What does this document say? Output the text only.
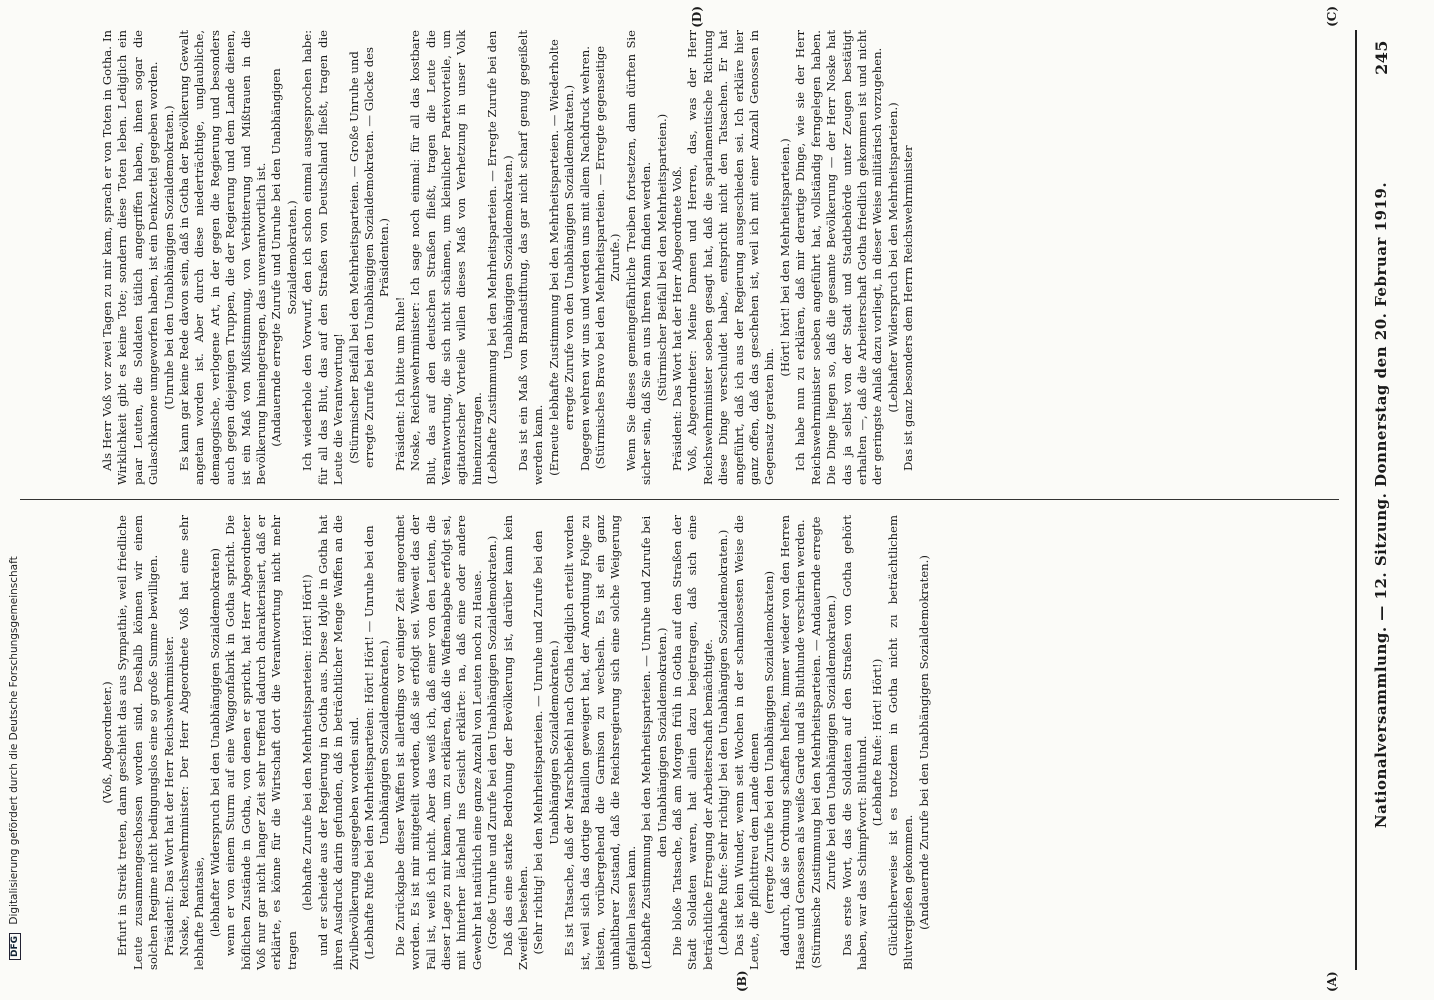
Nationalversammlung. — 12. Sitzung. Donnerstag den 20. Februar 1919.
245
(A)
(B)
(C)
(D)

(Voß, Abgeordneter.) Erfurt in Streik treten, dann geschieht das aus Sympathie, weil friedliche Leute zusammengeschossen worden sind. Deshalb können wir einem solchen Regime nicht bedingungslos eine so große Summe bewilligen. Präsident: Das Wort hat der Herr Reichswehrminister. Noske, Reichswehrminister: Der Herr Abgeordnete Voß hat eine sehr lebhafte Phantasie, (lebhafter Widerspruch bei den Unabhängigen Sozialdemokraten) wenn er von einem Sturm auf eine Waggonfabrik in Gotha spricht. Die höflichen Zustände in Gotha, von denen er spricht, hat Herr Abgeordneter Voß nur gar nicht langer Zeit sehr treffend dadurch charakterisiert, daß er erklärte, es könne für die Wirtschaft dort die Verantwortung nicht mehr tragen

(lebhafte Zurufe bei den Mehrheitsparteien: Hört! Hört!) und er scheide aus der Regierung in Gotha aus. Diese Idylle in Gotha hat ihren Ausdruck darin gefunden, daß in beträchtlicher Menge Waffen an die Zivilbevölkerung ausgegeben worden sind. (Lebhafte Rufe bei den Mehrheitsparteien: Hört! Hört! — Unruhe bei den Unabhängigen Sozialdemokraten.) Die Zurückgabe dieser Waffen ist allerdings vor einiger Zeit angeordnet worden. Es ist mir mitgeteilt worden, daß sie erfolgt sei. Wieweit das der Fall ist, weiß ich nicht. Aber das weiß ich, daß einer von den Leuten, die dieser Lage zu mir kamen, um zu erklären, daß die Waffenabgabe erfolgt sei, mit hinterher lächelnd ins Gesicht erklärte: na, daß eine oder andere Gewehr hat natürlich eine ganze Anzahl von Leuten noch zu Hause. (Große Unruhe und Zurufe bei den Unabhängigen Sozialdemokraten.) Daß das eine starke Bedrohung der Bevölkerung ist, darüber kann kein Zweifel bestehen. (Sehr richtig! bei den Mehrheitsparteien. — Unruhe und Zurufe bei den Unabhängigen Sozialdemokraten.) Es ist Tatsache, daß der Marschbefehl nach Gotha lediglich erteilt worden ist, weil sich das dortige Bataillon geweigert hat, der Anordnung Folge zu leisten, vorübergehend die Garnison zu wechseln. Es ist ein ganz unhaltbarer Zustand, daß die Reichsregierung sich eine solche Weigerung gefallen lassen kann. (Lebhafte Zustimmung bei den Mehrheitsparteien. — Unruhe und Zurufe bei den Unabhängigen Sozialdemokraten.) Die bloße Tatsache, daß am Morgen früh in Gotha auf den Straßen der Stadt Soldaten waren, hat allein dazu beigetragen, daß sich eine beträchtliche Erregung der Arbeiterschaft bemächtigte. (Lebhafte Rufe: Sehr richtig! bei den Unabhängigen Sozialdemokraten.) Das ist kein Wunder, wenn seit Wochen in der schamlosesten Weise die Leute, die pflichttreu dem Lande dienen (erregte Zurufe bei den Unabhängigen Sozialdemokraten) dadurch, daß sie Ordnung schaffen helfen, immer wieder von den Herren Haase und Genossen als weiße Garde und als Bluthunde verschrien werden. (Stürmische Zustimmung bei den Mehrheitsparteien. — Andauernde erregte Zurufe bei den Unabhängigen Sozialdemokraten.) Das erste Wort, das die Soldaten auf den Straßen von Gotha gehört haben, war das Schimpfwort: Bluthund. (Lebhafte Rufe: Hört! Hört!) Glücklicherweise ist es trotzdem in Gotha nicht zu beträchtlichem Blutvergießen gekommen. (Andauernde Zurufe bei den Unabhängigen Sozialdemokraten.)

Als Herr Voß vor zwei Tagen zu mir kam, sprach er von Toten in Gotha. In Wirklichkeit gibt es keine Tote; sondern diese Toten leben. Lediglich ein paar Leuten, die Soldaten tätlich angegriffen haben, ihnen sogar die Gulaschkanone umgeworfen haben, ist ein Denkzettel gegeben worden. (Unruhe bei den Unabhängigen Sozialdemokraten.) Es kann gar keine Rede davon sein, daß in Gotha der Bevölkerung Gewalt angetan worden ist. Aber durch diese niederträchtige, unglaubliche, demagogische, verlogene Art, in der gegen die Regierung und besonders auch gegen diejenigen Truppen, die der Regierung und dem Lande dienen, ist ein Maß von Mißstimmung, von Verbitterung und Mißtrauen in die Bevölkerung hineingetragen, das unverantwortlich ist. (Andauernde erregte Zurufe und Unruhe bei den Unabhängigen Sozialdemokraten.) Ich wiederhole den Vorwurf, den ich schon einmal ausgesprochen habe: für all das Blut, das auf den Straßen von Deutschland fließt, tragen die Leute die Verantwortung! (Stürmischer Beifall bei den Mehrheitsparteien. — Große Unruhe und erregte Zurufe bei den Unabhängigen Sozialdemokraten. — Glocke des Präsidenten.)

Präsident: Ich bitte um Ruhe! Noske, Reichswehrminister: Ich sage noch einmal: für all das kostbare Blut, das auf den deutschen Straßen fließt, tragen die Leute die Verantwortung, die sich nicht schämen, um kleinlicher Parteivorteile, um agitatorischer Vorteile willen dieses Maß von Verhetzung in unser Volk hineinzutragen. (Lebhafte Zustimmung bei den Mehrheitsparteien. — Erregte Zurufe bei den Unabhängigen Sozialdemokraten.) Das ist ein Maß von Brandstiftung, das gar nicht scharf genug gegeißelt werden kann. (Erneute lebhafte Zustimmung bei den Mehrheitsparteien. — Wiederholte erregte Zurufe von den Unabhängigen Sozialdemokraten.) Dagegen wehren wir uns und werden uns mit allem Nachdruck wehren. (Stürmisches Bravo bei den Mehrheitsparteien. — Erregte gegenseitige Zurufe.) Wenn Sie dieses gemeingefährliche Treiben fortsetzen, dann dürften Sie sicher sein, daß Sie an uns Ihren Mann finden werden. (Stürmischer Beifall bei den Mehrheitsparteien.) Präsident: Das Wort hat der Herr Abgeordnete Voß. Voß, Abgeordneter: Meine Damen und Herren, das, was der Herr Reichswehrminister soeben gesagt hat, daß die sparlamentische Richtung diese Dinge verschuldet habe, entspricht nicht den Tatsachen. Er hat angeführt, daß ich aus der Regierung ausgeschieden sei. Ich erkläre hier ganz offen, daß das geschehen ist, weil ich mit einer Anzahl Genossen in Gegensatz geraten bin.

(Hört! hört! bei den Mehrheitsparteien.) Ich habe nun zu erklären, daß mir derartige Dinge, wie sie der Herr Reichswehrminister soeben angeführt hat, vollständig ferngelegen haben. Die Dinge liegen so, daß die gesamte Bevölkerung — der Herr Noske hat das ja selbst von der Stadt und Stadtbehörde unter Zeugen bestätigt erhalten —, daß die Arbeiterschaft Gotha friedlich gekommen ist und nicht der geringste Anlaß dazu vorliegt, in dieser Weise militärisch vorzugehen. (Lebhafter Widerspruch bei den Mehrheitsparteien.) Das ist ganz besonders dem Herrn Reichswehrminister

DFG Digitalisierung gefördert durch die Deutsche Forschungsgemeinschaft
